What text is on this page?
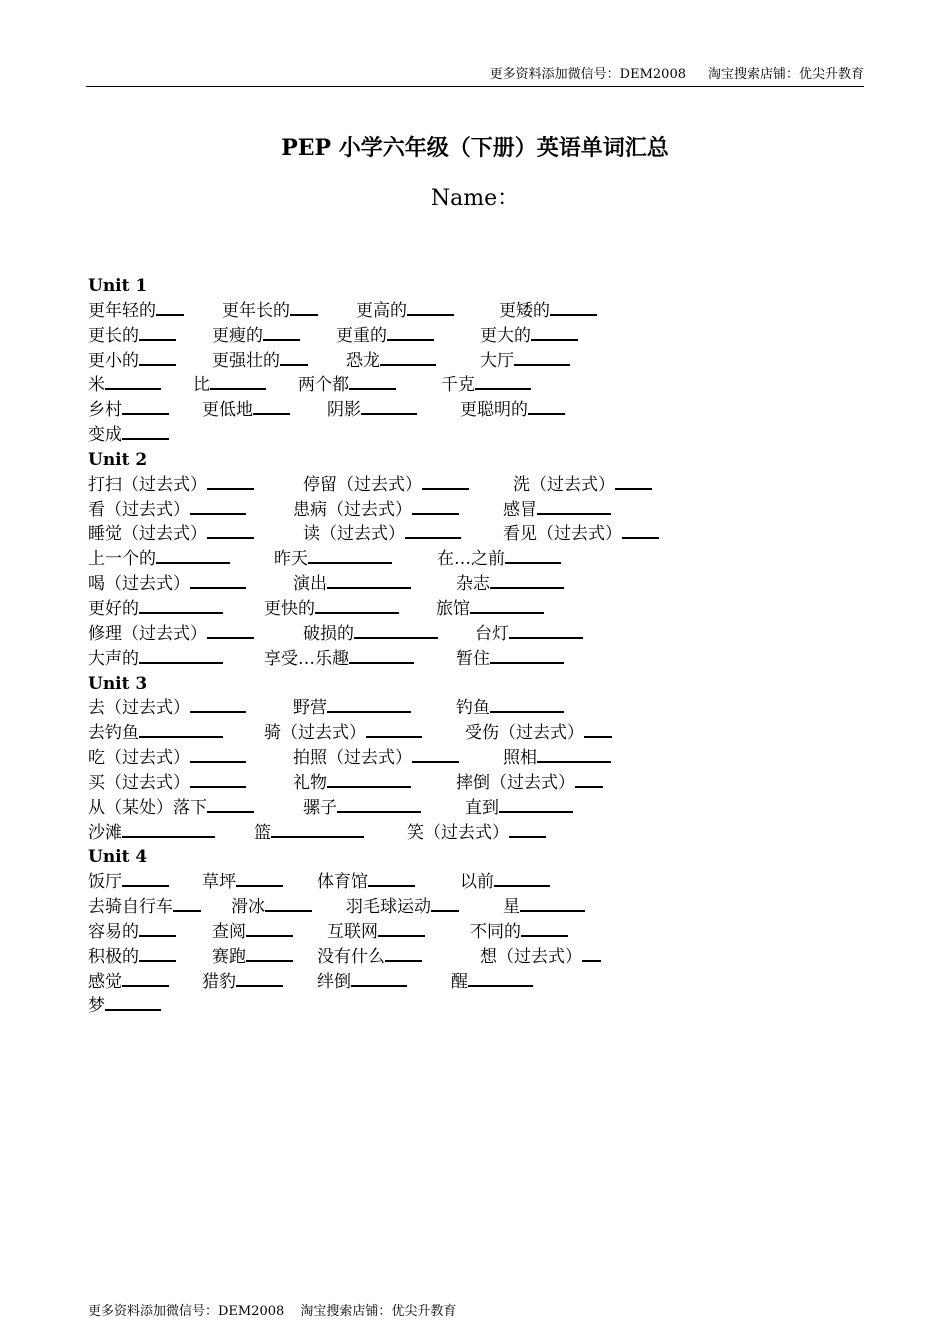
更多资料添加微信号：DEM2008 淘宝搜索店铺：优尖升教育
PEP 小学六年级（下册）英语单词汇总
Name：
Unit 1
更年轻的	更年长的	更高的	更矮的
更长的	更瘦的	更重的	更大的
更小的	更强壮的	恐龙	大厅
米	比	两个都	千克
乡村	更低地	阴影	更聪明的
变成
Unit 2
打扫（过去式）	停留（过去式）	洗（过去式）
看（过去式）	患病（过去式）	感冒
睡觉（过去式）	读（过去式）	看见（过去式）
上一个的	昨天	在…之前
喝（过去式）	演出	杂志
更好的	更快的	旅馆
修理（过去式）	破损的	台灯
大声的	享受…乐趣	暂住
Unit 3
去（过去式）	野营	钓鱼
去钓鱼	骑（过去式）	受伤（过去式）
吃（过去式）	拍照（过去式）	照相
买（过去式）	礼物	摔倒（过去式）
从（某处）落下	骡子	直到
沙滩	篮	笑（过去式）
Unit 4
饭厅	草坪	体育馆	以前
去骑自行车	滑冰	羽毛球运动	星
容易的	查阅	互联网	不同的
积极的	赛跑	没有什么	想（过去式）
感觉	猎豹	绊倒	醒
梦
更多资料添加微信号：DEM2008 淘宝搜索店铺：优尖升教育
